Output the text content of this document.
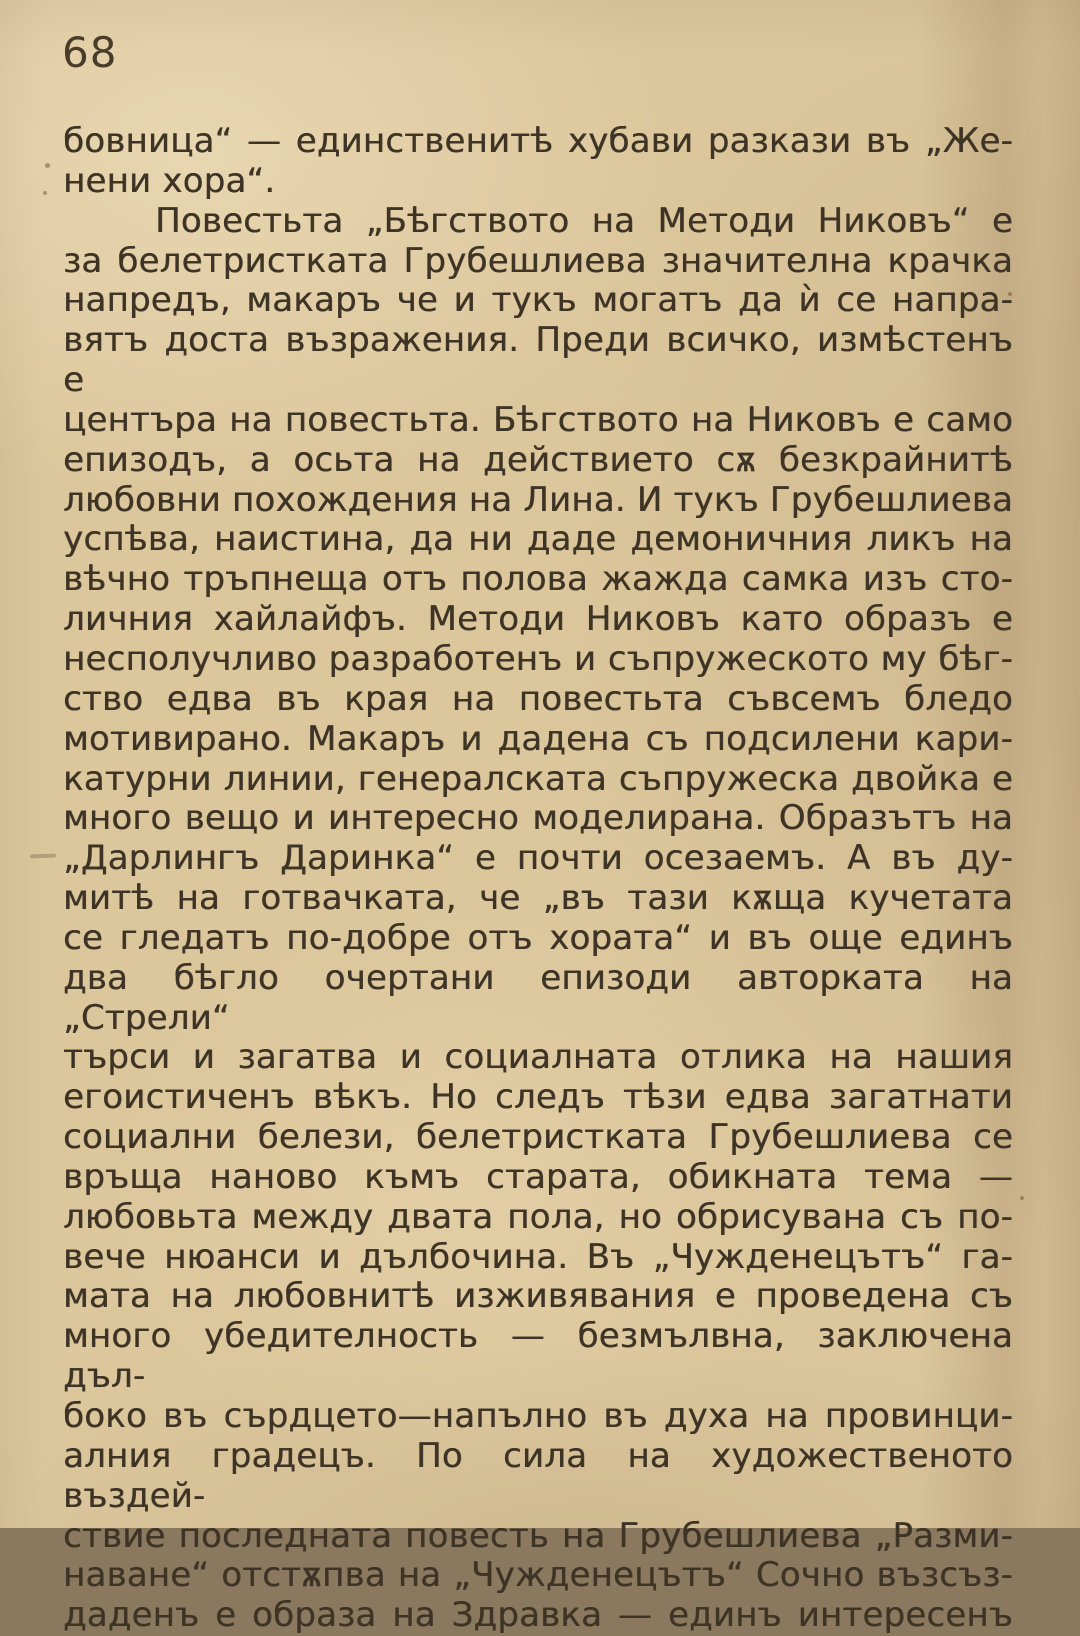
68
бовница“ — единственитѣ хубави разкази въ „Же-
нени хора“.
Повестьта „Бѣгството на Методи Никовъ“ е
за белетристката Грубешлиева значителна крачка
напредъ, макаръ че и тукъ могатъ да ѝ се напра-
вятъ доста възражения. Преди всичко, измѣстенъ е
центъра на повестьта. Бѣгството на Никовъ е само
епизодъ, а осьта на действието сѫ безкрайнитѣ
любовни похождения на Лина. И тукъ Грубешлиева
успѣва, наистина, да ни даде демоничния ликъ на
вѣчно тръпнеща отъ полова жажда самка изъ сто-
личния хайлайфъ. Методи Никовъ като образъ е
несполучливо разработенъ и съпружеското му бѣг-
ство едва въ края на повестьта съвсемъ бледо
мотивирано. Макаръ и дадена съ подсилени кари-
катурни линии, генералската съпружеска двойка е
много вещо и интересно моделирана. Образътъ на
„Дарлингъ Даринка“ е почти осезаемъ. А въ ду-
митѣ на готвачката, че „въ тази кѫща кучетата
се гледатъ по-добре отъ хората“ и въ още единъ
два бѣгло очертани епизоди авторката на „Стрели“
търси и загатва и социалната отлика на нашия
егоистиченъ вѣкъ. Но следъ тѣзи едва загатнати
социални белези, белетристката Грубешлиева се
връща наново къмъ старата, обикната тема —
любовьта между двата пола, но обрисувана съ по-
вече нюанси и дълбочина. Въ „Чужденецътъ“ га-
мата на любовнитѣ изживявания е проведена съ
много убедителность — безмълвна, заключена дъл-
боко въ сърдцето—напълно въ духа на провинци-
алния градецъ. По сила на художественото въздей-
ствие последната повесть на Грубешлиева „Разми-
наване“ отстѫпва на „Чужденецътъ“ Сочно възсъз-
даденъ е образа на Здравка — единъ интересенъ
